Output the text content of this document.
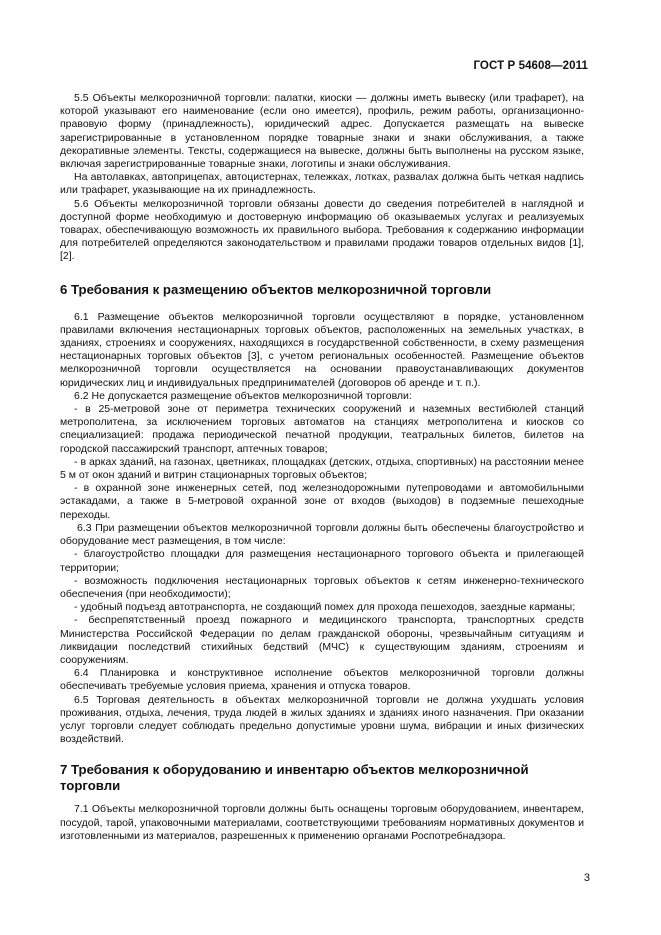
ГОСТ Р 54608—2011

5.5 Объекты мелкорозничной торговли: палатки, киоски — должны иметь вывеску (или трафарет), на которой указывают его наименование (если оно имеется), профиль, режим работы, организационно-правовую форму (принадлежность), юридический адрес. Допускается размещать на вывеске зарегистрированные в установленном порядке товарные знаки и знаки обслуживания, а также декоративные элементы. Тексты, содержащиеся на вывеске, должны быть выполнены на русском языке, включая зарегистрированные товарные знаки, логотипы и знаки обслуживания.

На автолавках, автоприцепах, автоцистернах, тележках, лотках, развалах должна быть четкая надпись или трафарет, указывающие на их принадлежность.

5.6 Объекты мелкорозничной торговли обязаны довести до сведения потребителей в наглядной и доступной форме необходимую и достоверную информацию об оказываемых услугах и реализуемых товарах, обеспечивающую возможность их правильного выбора. Требования к содержанию информации для потребителей определяются законодательством и правилами продажи товаров отдельных видов [1], [2].

6 Требования к размещению объектов мелкорозничной торговли

6.1 Размещение объектов мелкорозничной торговли осуществляют в порядке, установленном правилами включения нестационарных торговых объектов, расположенных на земельных участках, в зданиях, строениях и сооружениях, находящихся в государственной собственности, в схему размещения нестационарных торговых объектов [3], с учетом региональных особенностей. Размещение объектов мелкорозничной торговли осуществляется на основании правоустанавливающих документов юридических лиц и индивидуальных предпринимателей (договоров об аренде и т. п.).

6.2 Не допускается размещение объектов мелкорозничной торговли:

- в 25-метровой зоне от периметра технических сооружений и наземных вестибюлей станций метрополитена, за исключением торговых автоматов на станциях метрополитена и киосков со специализацией: продажа периодической печатной продукции, театральных билетов, билетов на городской пассажирский транспорт, аптечных товаров;

- в арках зданий, на газонах, цветниках, площадках (детских, отдыха, спортивных) на расстоянии менее 5 м от окон зданий и витрин стационарных торговых объектов;

- в охранной зоне инженерных сетей, под железнодорожными путепроводами и автомобильными эстакадами, а также в 5-метровой охранной зоне от входов (выходов) в подземные пешеходные переходы.

6.3 При размещении объектов мелкорозничной торговли должны быть обеспечены благоустройство и оборудование мест размещения, в том числе:

- благоустройство площадки для размещения нестационарного торгового объекта и прилегающей территории;

- возможность подключения нестационарных торговых объектов к сетям инженерно-технического обеспечения (при необходимости);

- удобный подъезд автотранспорта, не создающий помех для прохода пешеходов, заездные карманы;

- беспрепятственный проезд пожарного и медицинского транспорта, транспортных средств Министерства Российской Федерации по делам гражданской обороны, чрезвычайным ситуациям и ликвидации последствий стихийных бедствий (МЧС) к существующим зданиям, строениям и сооружениям.

6.4 Планировка и конструктивное исполнение объектов мелкорозничной торговли должны обеспечивать требуемые условия приема, хранения и отпуска товаров.

6.5 Торговая деятельность в объектах мелкорозничной торговли не должна ухудшать условия проживания, отдыха, лечения, труда людей в жилых зданиях и зданиях иного назначения. При оказании услуг торговли следует соблюдать предельно допустимые уровни шума, вибрации и иных физических воздействий.

7 Требования к оборудованию и инвентарю объектов мелкорозничной торговли

7.1 Объекты мелкорозничной торговли должны быть оснащены торговым оборудованием, инвентарем, посудой, тарой, упаковочными материалами, соответствующими требованиям нормативных документов и изготовленными из материалов, разрешенных к применению органами Роспотребнадзора.

3
